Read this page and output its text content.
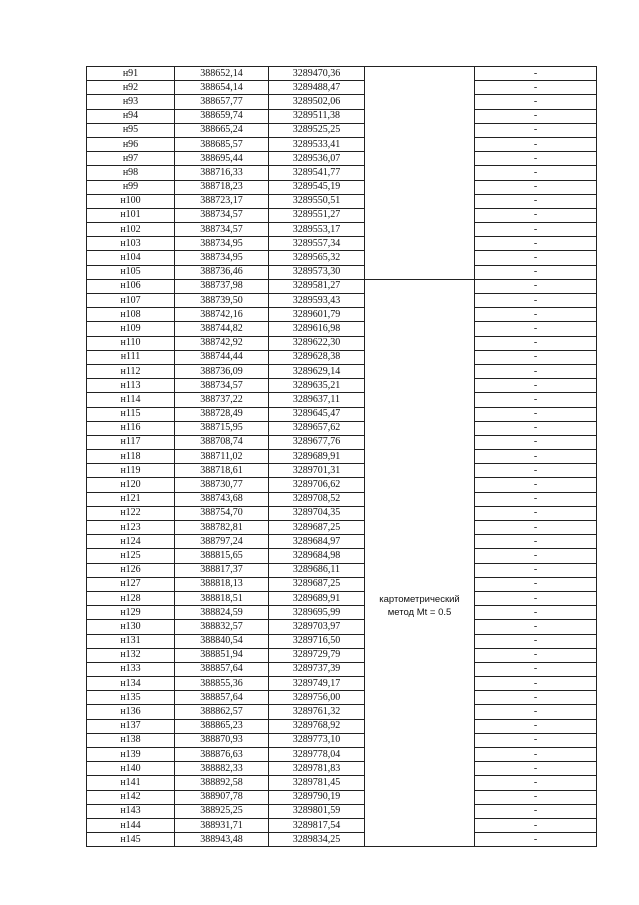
н91	388652,14	3289470,36		-
н92	388654,14	3289488,47		-
н93	388657,77	3289502,06		-
н94	388659,74	3289511,38		-
н95	388665,24	3289525,25		-
н96	388685,57	3289533,41		-
н97	388695,44	3289536,07		-
н98	388716,33	3289541,77		-
н99	388718,23	3289545,19		-
н100	388723,17	3289550,51		-
н101	388734,57	3289551,27		-
н102	388734,57	3289553,17		-
н103	388734,95	3289557,34		-
н104	388734,95	3289565,32		-
н105	388736,46	3289573,30		-
н106	388737,98	3289581,27	картометрический метод Mt = 0.5	-
н107	388739,50	3289593,43		-
н108	388742,16	3289601,79		-
н109	388744,82	3289616,98		-
н110	388742,92	3289622,30		-
н111	388744,44	3289628,38		-
н112	388736,09	3289629,14		-
н113	388734,57	3289635,21		-
н114	388737,22	3289637,11		-
н115	388728,49	3289645,47		-
н116	388715,95	3289657,62		-
н117	388708,74	3289677,76		-
н118	388711,02	3289689,91		-
н119	388718,61	3289701,31		-
н120	388730,77	3289706,62		-
н121	388743,68	3289708,52		-
н122	388754,70	3289704,35		-
н123	388782,81	3289687,25		-
н124	388797,24	3289684,97		-
н125	388815,65	3289684,98		-
н126	388817,37	3289686,11		-
н127	388818,13	3289687,25		-
н128	388818,51	3289689,91		-
н129	388824,59	3289695,99		-
н130	388832,57	3289703,97		-
н131	388840,54	3289716,50		-
н132	388851,94	3289729,79		-
н133	388857,64	3289737,39		-
н134	388855,36	3289749,17		-
н135	388857,64	3289756,00		-
н136	388862,57	3289761,32		-
н137	388865,23	3289768,92		-
н138	388870,93	3289773,10		-
н139	388876,63	3289778,04		-
н140	388882,33	3289781,83		-
н141	388892,58	3289781,45		-
н142	388907,78	3289790,19		-
н143	388925,25	3289801,59		-
н144	388931,71	3289817,54		-
н145	388943,48	3289834,25		-
